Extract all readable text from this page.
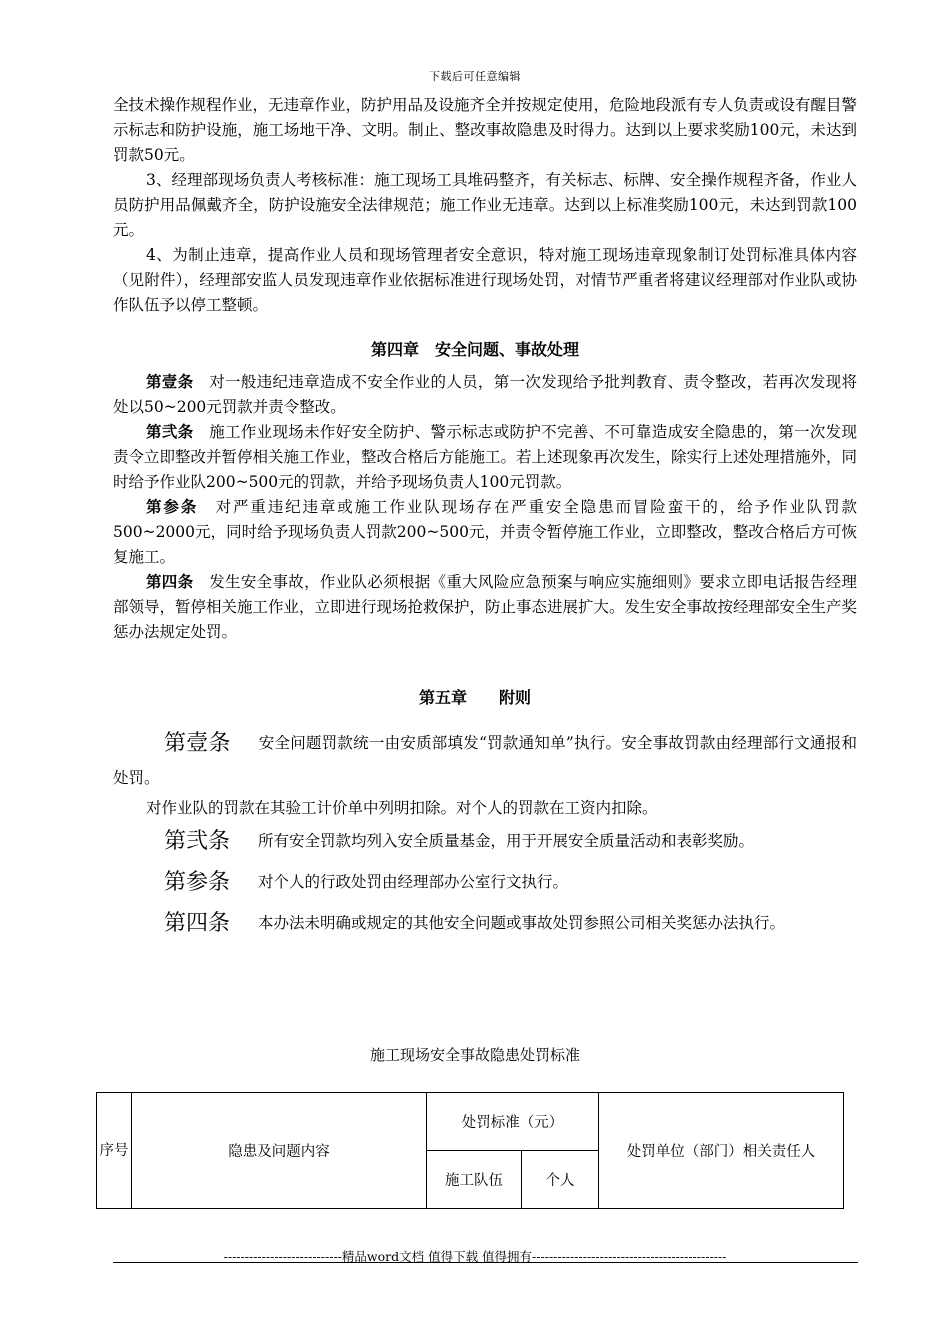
下载后可任意编辑

全技术操作规程作业，无违章作业，防护用品及设施齐全并按规定使用，危险地段派有专人负责或设有醒目警示标志和防护设施，施工场地干净、文明。制止、整改事故隐患及时得力。达到以上要求奖励100元，未达到罚款50元。

3、经理部现场负责人考核标准：施工现场工具堆码整齐，有关标志、标牌、安全操作规程齐备，作业人员防护用品佩戴齐全，防护设施安全法律规范；施工作业无违章。达到以上标准奖励100元，未达到罚款100元。

4、为制止违章，提高作业人员和现场管理者安全意识，特对施工现场违章现象制订处罚标准具体内容（见附件），经理部安监人员发现违章作业依据标准进行现场处罚，对情节严重者将建议经理部对作业队或协作队伍予以停工整顿。

第四章　安全问题、事故处理

第壹条　 对一般违纪违章造成不安全作业的人员，第一次发现给予批判教育、责令整改，若再次发现将处以50~200元罚款并责令整改。

第弐条　 施工作业现场未作好安全防护、警示标志或防护不完善、不可靠造成安全隐患的，第一次发现责令立即整改并暂停相关施工作业，整改合格后方能施工。若上述现象再次发生，除实行上述处理措施外，同时给予作业队200~500元的罚款，并给予现场负责人100元罚款。

第参条　 对严重违纪违章或施工作业队现场存在严重安全隐患而冒险蛮干的，给予作业队罚款500~2000元，同时给予现场负责人罚款200~500元，并责令暂停施工作业，立即整改，整改合格后方可恢复施工。

第四条　 发生安全事故，作业队必须根据《重大风险应急预案与响应实施细则》要求立即电话报告经理部领导，暂停相关施工作业，立即进行现场抢救保护，防止事态进展扩大。发生安全事故按经理部安全生产奖惩办法规定处罚。

第五章　　附则

第壹条 安全问题罚款统一由安质部填发“罚款通知单”执行。安全事故罚款由经理部行文通报和处罚。

对作业队的罚款在其验工计价单中列明扣除。对个人的罚款在工资内扣除。

第弐条 所有安全罚款均列入安全质量基金，用于开展安全质量活动和表彰奖励。

第参条 对个人的行政处罚由经理部办公室行文执行。

第四条 本办法未明确或规定的其他安全问题或事故处罚参照公司相关奖惩办法执行。

施工现场安全事故隐患处罚标准
序号	隐患及问题内容	处罚标准（元）		处罚单位（部门）相关责任人
		施工队伍	个人	
----------------------------精品word文档 值得下载 值得拥有----------------------------------------------
